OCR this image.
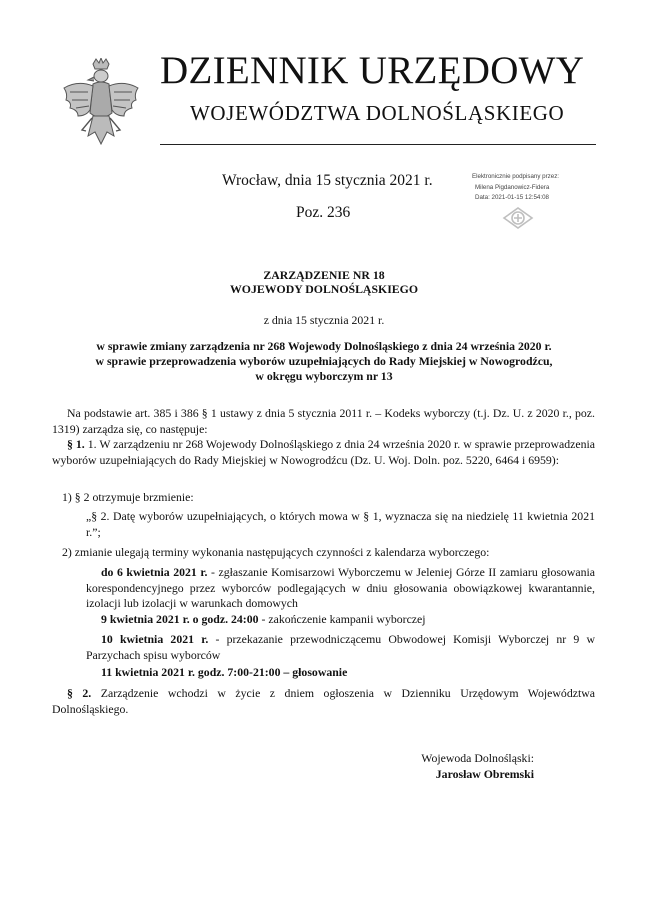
DZIENNIK URZĘDOWY
WOJEWÓDZTWA DOLNOŚLĄSKIEGO
Wrocław, dnia 15 stycznia 2021 r.
Poz. 236
Elektronicznie podpisany przez:
Milena Pigdanowicz-Fidera
Data: 2021-01-15 12:54:08
ZARZĄDZENIE NR 18
WOJEWODY DOLNOŚLĄSKIEGO
z dnia 15 stycznia 2021 r.
w sprawie zmiany zarządzenia nr 268 Wojewody Dolnośląskiego z dnia 24 września 2020 r.
w sprawie przeprowadzenia wyborów uzupełniających do Rady Miejskiej w Nowogrodźcu,
w okręgu wyborczym nr 13
Na podstawie art. 385 i 386 § 1 ustawy z dnia 5 stycznia 2011 r. – Kodeks wyborczy (t.j. Dz. U. z 2020 r., poz. 1319) zarządza się, co następuje:
§ 1. 1. W zarządzeniu nr 268 Wojewody Dolnośląskiego z dnia 24 września 2020 r. w sprawie przeprowadzenia wyborów uzupełniających do Rady Miejskiej w Nowogrodźcu (Dz. U. Woj. Doln. poz. 5220, 6464 i 6959):
1) § 2 otrzymuje brzmienie:
„§ 2. Datę wyborów uzupełniających, o których mowa w § 1, wyznacza się na niedzielę 11 kwietnia 2021 r.”;
2) zmianie ulegają terminy wykonania następujących czynności z kalendarza wyborczego:
do 6 kwietnia 2021 r. - zgłaszanie Komisarzowi Wyborczemu w Jeleniej Górze II zamiaru głosowania korespondencyjnego przez wyborców podlegających w dniu głosowania obowiązkowej kwarantannie, izolacji lub izolacji w warunkach domowych
9 kwietnia 2021 r. o godz. 24:00 - zakończenie kampanii wyborczej
10 kwietnia 2021 r. - przekazanie przewodniczącemu Obwodowej Komisji Wyborczej nr 9 w Parzychach spisu wyborców
11 kwietnia 2021 r. godz. 7:00-21:00 – głosowanie
§ 2. Zarządzenie wchodzi w życie z dniem ogłoszenia w Dzienniku Urzędowym Województwa Dolnośląskiego.
Wojewoda Dolnośląski:
Jarosław Obremski
